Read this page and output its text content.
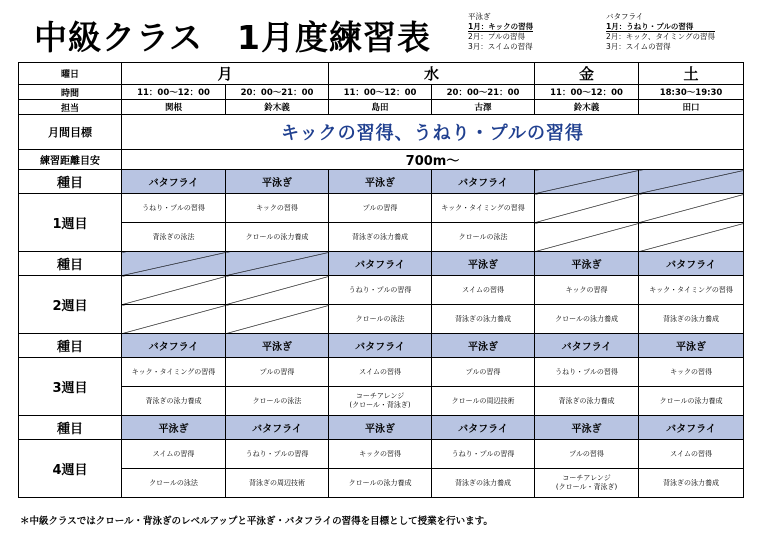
中級クラス　1月度練習表
平泳ぎ
1月：キックの習得
2月：プルの習得
3月：スイムの習得
バタフライ
1月：うねり・プルの習得
2月：キック、タイミングの習得
3月：スイムの習得
曜日	月		水		金	土
時間	11：00～12：00	20：00～21：00	11：00～12：00	20：00～21：00	11：00～12：00	18:30～19:30
担当	関根	鈴木義	島田	古澤	鈴木義	田口
月間目標	キックの習得、うねり・プルの習得					
練習距離目安	700m～					
種目	バタフライ	平泳ぎ	平泳ぎ	バタフライ		
1週目	うねり・プルの習得	キックの習得	プルの習得	キック・タイミングの習得		
	背泳ぎの泳法	クロールの泳力養成	背泳ぎの泳力養成	クロールの泳法		
種目			バタフライ	平泳ぎ	平泳ぎ	バタフライ
2週目			うねり・プルの習得	スイムの習得	キックの習得	キック・タイミングの習得
			クロールの泳法	背泳ぎの泳力養成	クロールの泳力養成	背泳ぎの泳力養成
種目	バタフライ	平泳ぎ	バタフライ	平泳ぎ	バタフライ	平泳ぎ
3週目	キック・タイミングの習得	プルの習得	スイムの習得	プルの習得	うねり・プルの習得	キックの習得
	背泳ぎの泳力養成	クロールの泳法	コーチアレンジ
(クロール・背泳ぎ)	クロールの周辺技術	背泳ぎの泳力養成	クロールの泳力養成
種目	平泳ぎ	バタフライ	平泳ぎ	バタフライ	平泳ぎ	バタフライ
4週目	スイムの習得	うねり・プルの習得	キックの習得	うねり・プルの習得	プルの習得	スイムの習得
	クロールの泳法	背泳ぎの周辺技術	クロールの泳力養成	背泳ぎの泳力養成	コーチアレンジ
(クロール・背泳ぎ)	背泳ぎの泳力養成
＊中級クラスではクロール・背泳ぎのレベルアップと平泳ぎ・バタフライの習得を目標として授業を行います。
